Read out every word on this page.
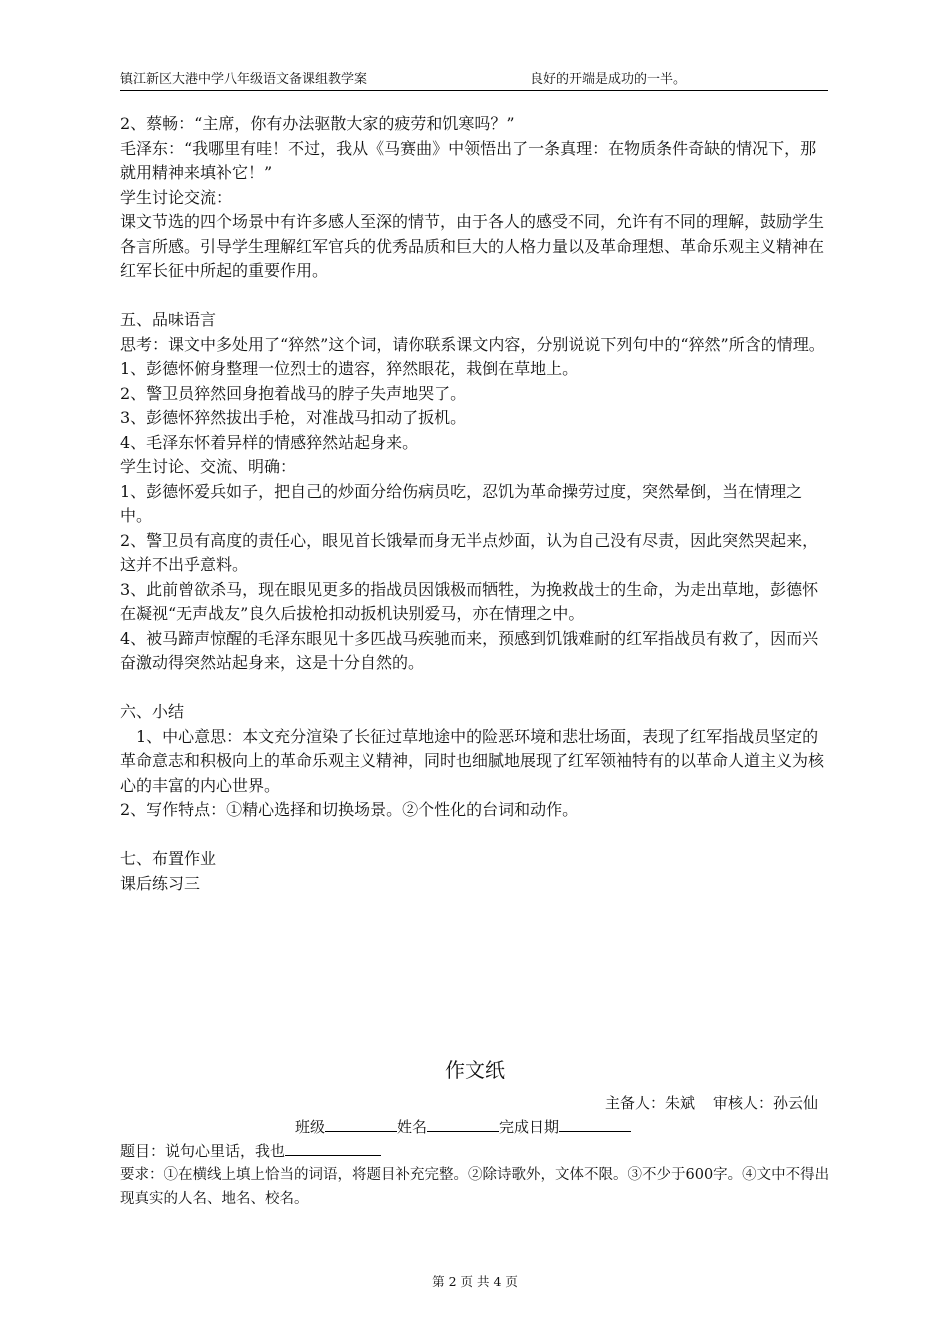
镇江新区大港中学八年级语文备课组教学案	良好的开端是成功的一半。

2、蔡畅：“主席，你有办法驱散大家的疲劳和饥寒吗？”

毛泽东：“我哪里有哇！不过，我从《马赛曲》中领悟出了一条真理：在物质条件奇缺的情况下，那就用精神来填补它！”

学生讨论交流：

课文节选的四个场景中有许多感人至深的情节，由于各人的感受不同，允许有不同的理解，鼓励学生各言所感。引导学生理解红军官兵的优秀品质和巨大的人格力量以及革命理想、革命乐观主义精神在红军长征中所起的重要作用。

五、品味语言

思考：课文中多处用了“猝然”这个词，请你联系课文内容，分别说说下列句中的“猝然”所含的情理。

1、彭德怀俯身整理一位烈士的遗容，猝然眼花，栽倒在草地上。

2、警卫员猝然回身抱着战马的脖子失声地哭了。

3、彭德怀猝然拔出手枪，对准战马扣动了扳机。

4、毛泽东怀着异样的情感猝然站起身来。

学生讨论、交流、明确：

1、彭德怀爱兵如子，把自己的炒面分给伤病员吃，忍饥为革命操劳过度，突然晕倒，当在情理之中。

2、警卫员有高度的责任心，眼见首长饿晕而身无半点炒面，认为自己没有尽责，因此突然哭起来，这并不出乎意料。

3、此前曾欲杀马，现在眼见更多的指战员因饿极而牺牲，为挽救战士的生命，为走出草地，彭德怀在凝视“无声战友”良久后拔枪扣动扳机诀别爱马，亦在情理之中。

4、被马蹄声惊醒的毛泽东眼见十多匹战马疾驰而来，预感到饥饿难耐的红军指战员有救了，因而兴奋激动得突然站起身来，这是十分自然的。

六、小结

1、中心意思：本文充分渲染了长征过草地途中的险恶环境和悲壮场面，表现了红军指战员坚定的革命意志和积极向上的革命乐观主义精神，同时也细腻地展现了红军领袖特有的以革命人道主义为核心的丰富的内心世界。

2、写作特点：①精心选择和切换场景。②个性化的台词和动作。

七、布置作业

课后练习三

作文纸
主备人：朱斌 审核人：孙云仙
班级	姓名	完成日期
题目：说句心里话，我也
要求：①在横线上填上恰当的词语，将题目补充完整。②除诗歌外，文体不限。③不少于600字。④文中不得出现真实的人名、地名、校名。
第 2 页 共 4 页
